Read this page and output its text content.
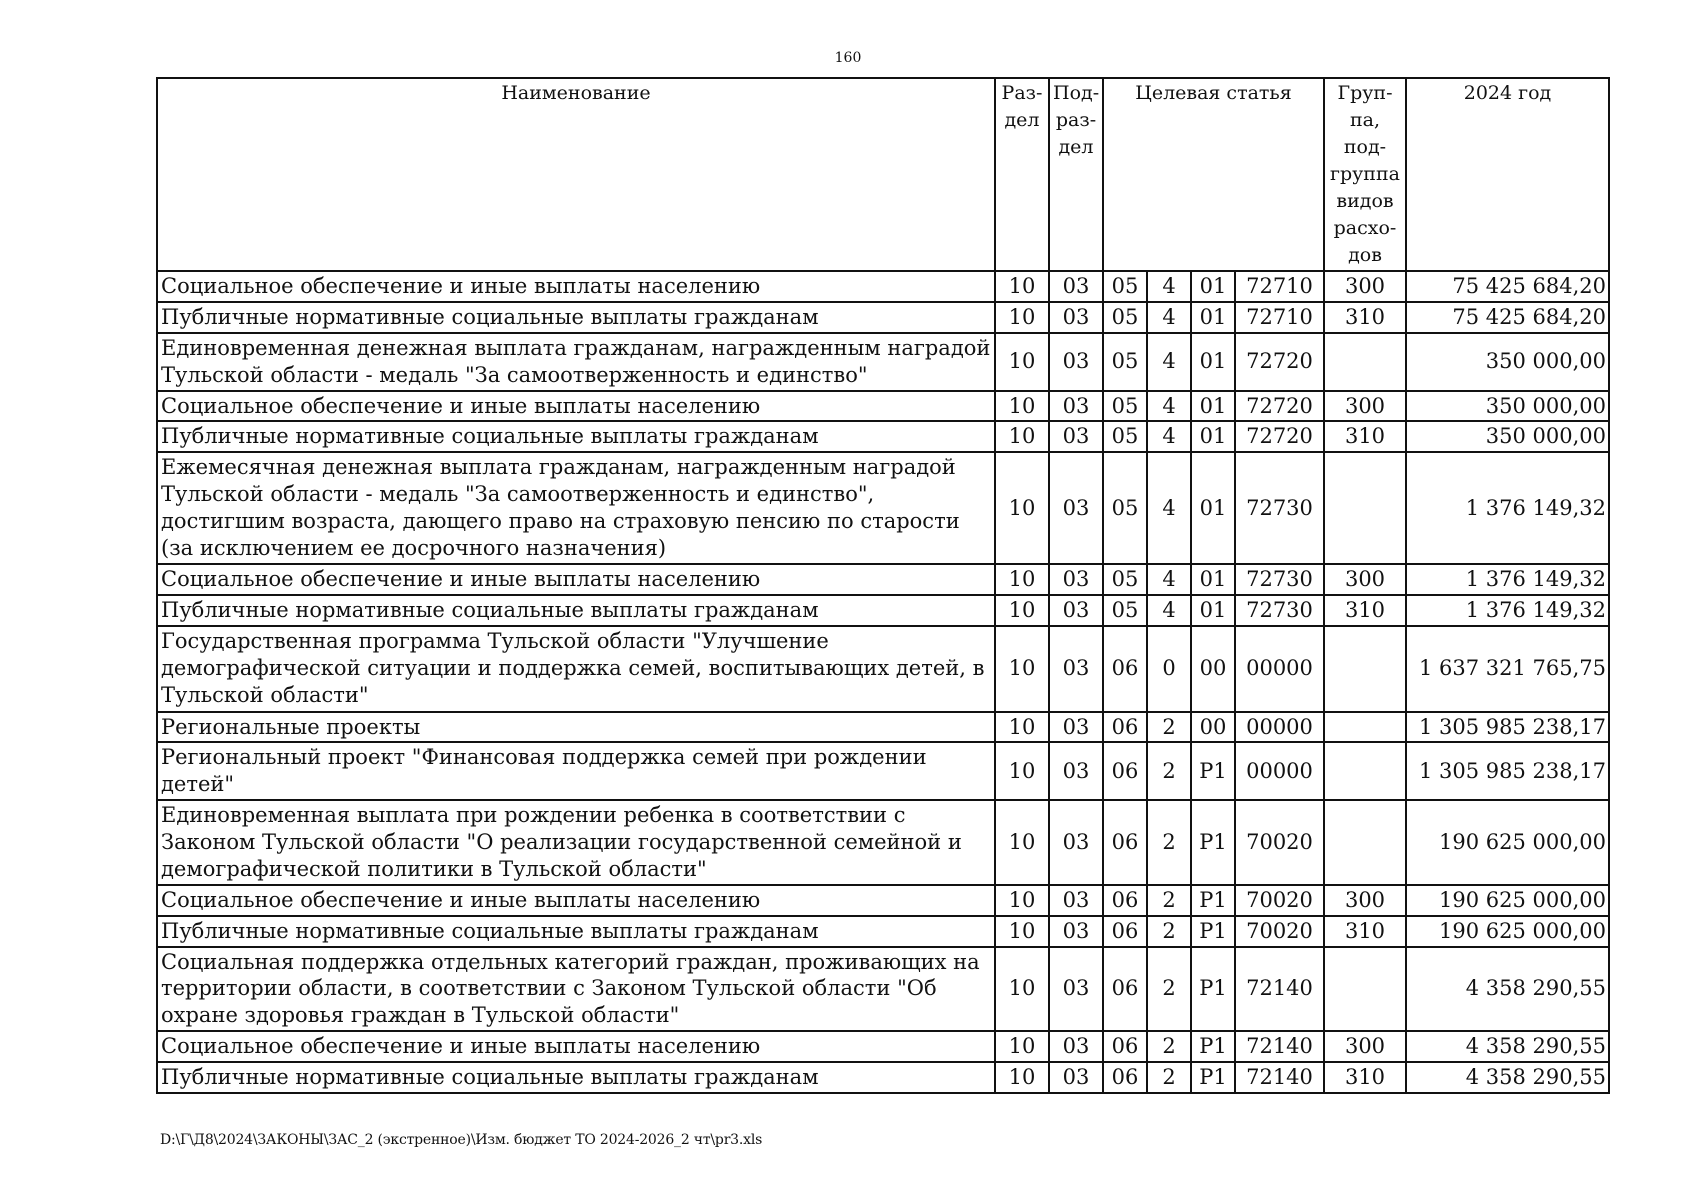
160
Наименование	Раз-дел	Под-раз-дел	Целевая статья				Груп-па, под-группа видов расхо-дов	2024 год
Социальное обеспечение и иные выплаты населению	10	03	05	4	01	72710	300	75 425 684,20
Публичные нормативные социальные выплаты гражданам	10	03	05	4	01	72710	310	75 425 684,20
Единовременная денежная выплата гражданам, награжденным наградой Тульской области - медаль "За самоотверженность и единство"	10	03	05	4	01	72720		350 000,00
Социальное обеспечение и иные выплаты населению	10	03	05	4	01	72720	300	350 000,00
Публичные нормативные социальные выплаты гражданам	10	03	05	4	01	72720	310	350 000,00
Ежемесячная денежная выплата гражданам, награжденным наградой Тульской области - медаль "За самоотверженность и единство", достигшим возраста, дающего право на страховую пенсию по старости (за исключением ее досрочного назначения)	10	03	05	4	01	72730		1 376 149,32
Социальное обеспечение и иные выплаты населению	10	03	05	4	01	72730	300	1 376 149,32
Публичные нормативные социальные выплаты гражданам	10	03	05	4	01	72730	310	1 376 149,32
Государственная программа Тульской области "Улучшение демографической ситуации и поддержка семей, воспитывающих детей, в Тульской области"	10	03	06	0	00	00000		1 637 321 765,75
Региональные проекты	10	03	06	2	00	00000		1 305 985 238,17
Региональный проект "Финансовая поддержка семей при рождении детей"	10	03	06	2	P1	00000		1 305 985 238,17
Единовременная выплата при рождении ребенка в соответствии с Законом Тульской области "О реализации государственной семейной и демографической политики в Тульской области"	10	03	06	2	P1	70020		190 625 000,00
Социальное обеспечение и иные выплаты населению	10	03	06	2	P1	70020	300	190 625 000,00
Публичные нормативные социальные выплаты гражданам	10	03	06	2	P1	70020	310	190 625 000,00
Социальная поддержка отдельных категорий граждан, проживающих на территории области, в соответствии с Законом Тульской области "Об охране здоровья граждан в Тульской области"	10	03	06	2	P1	72140		4 358 290,55
Социальное обеспечение и иные выплаты населению	10	03	06	2	P1	72140	300	4 358 290,55
Публичные нормативные социальные выплаты гражданам	10	03	06	2	P1	72140	310	4 358 290,55
D:\Г\Д8\2024\ЗАКОНЫ\ЗАС_2 (экстренное)\Изм. бюджет ТО 2024-2026_2 чт\pr3.xls
